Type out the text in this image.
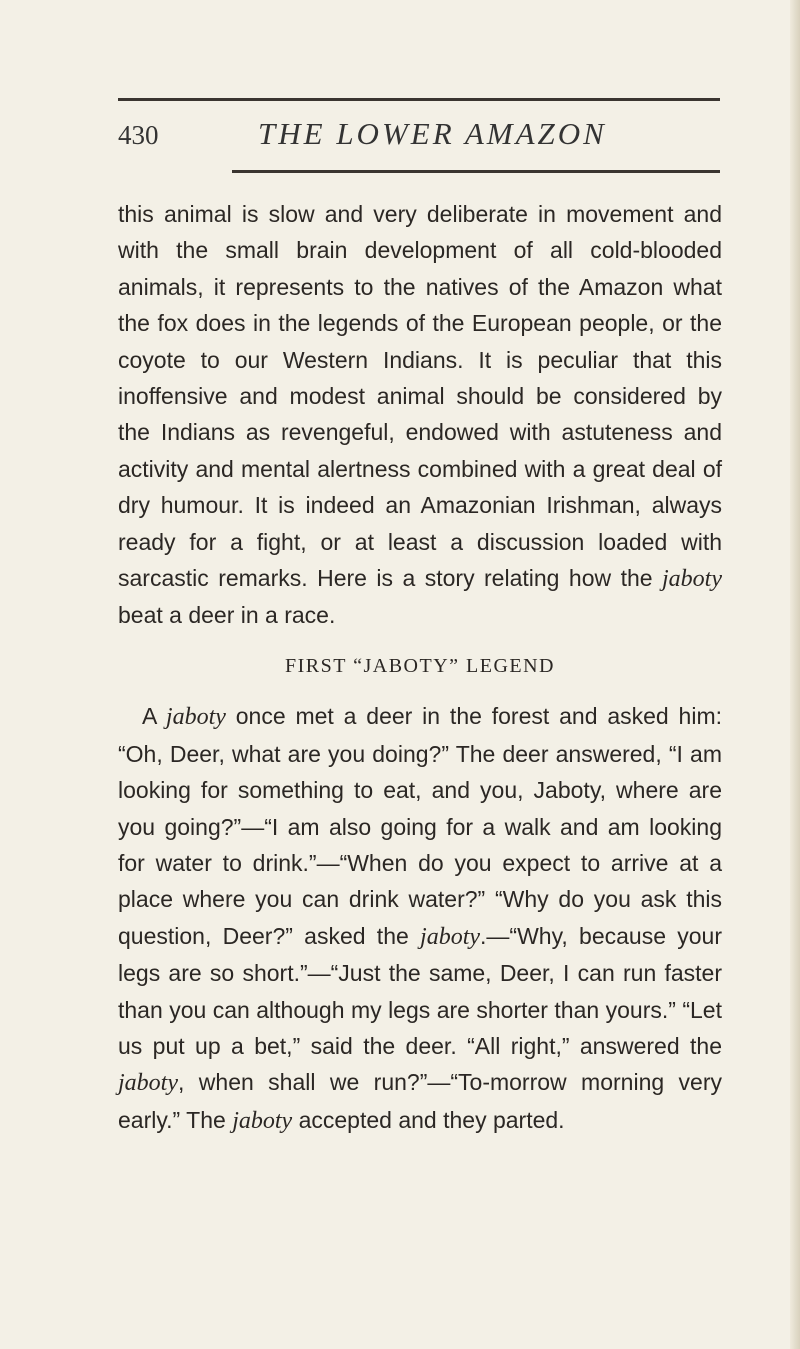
430	THE LOWER AMAZON

this animal is slow and very deliberate in movement and with the small brain development of all cold-blooded animals, it represents to the natives of the Amazon what the fox does in the legends of the European people, or the coyote to our Western Indians. It is peculiar that this inoffensive and modest animal should be considered by the Indians as revengeful, endowed with astuteness and activity and mental alertness combined with a great deal of dry humour. It is indeed an Amazonian Irishman, always ready for a fight, or at least a discussion loaded with sarcastic remarks. Here is a story relating how the jaboty beat a deer in a race.

FIRST “JABOTY” LEGEND

A jaboty once met a deer in the forest and asked him: “Oh, Deer, what are you doing?” The deer answered, “I am looking for something to eat, and you, Jaboty, where are you going?”—“I am also going for a walk and am looking for water to drink.”—“When do you expect to arrive at a place where you can drink water?” “Why do you ask this question, Deer?” asked the jaboty.—“Why, because your legs are so short.”—“Just the same, Deer, I can run faster than you can although my legs are shorter than yours.” “Let us put up a bet,” said the deer. “All right,” answered the jaboty, when shall we run?”—“To-morrow morning very early.” The jaboty accepted and they parted.
